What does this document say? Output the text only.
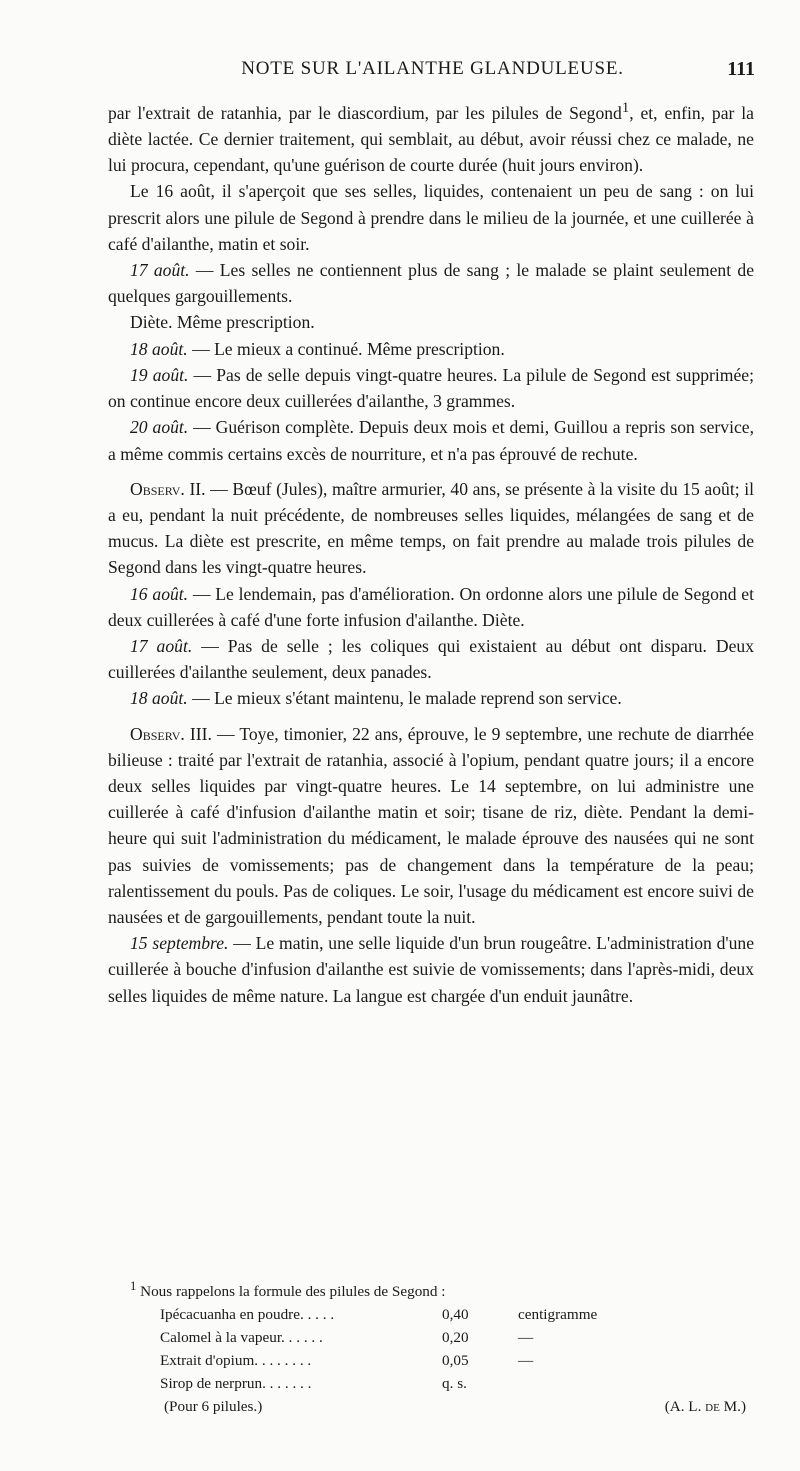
NOTE SUR L'AILANTHE GLANDULEUSE.	111

par l'extrait de ratanhia, par le diascordium, par les pilules de Segond$^1$, et, enfin, par la diète lactée. Ce dernier traitement, qui semblait, au début, avoir réussi chez ce malade, ne lui procura, cependant, qu'une guérison de courte durée (huit jours environ).

Le 16 août, il s'aperçoit que ses selles, liquides, contenaient un peu de sang : on lui prescrit alors une pilule de Segond à prendre dans le milieu de la journée, et une cuillerée à café d'ailanthe, matin et soir.

17 août. — Les selles ne contiennent plus de sang ; le malade se plaint seulement de quelques gargouillements.

Diète. Même prescription.

18 août. — Le mieux a continué. Même prescription.

19 août. — Pas de selle depuis vingt-quatre heures. La pilule de Segond est supprimée; on continue encore deux cuillerées d'ailanthe, 3 grammes.

20 août. — Guérison complète. Depuis deux mois et demi, Guillou a repris son service, a même commis certains excès de nourriture, et n'a pas éprouvé de rechute.

Observ. II. — Bœuf (Jules), maître armurier, 40 ans, se présente à la visite du 15 août; il a eu, pendant la nuit précédente, de nombreuses selles liquides, mélangées de sang et de mucus. La diète est prescrite, en même temps, on fait prendre au malade trois pilules de Segond dans les vingt-quatre heures.

16 août. — Le lendemain, pas d'amélioration. On ordonne alors une pilule de Segond et deux cuillerées à café d'une forte infusion d'ailanthe. Diète.

17 août. — Pas de selle ; les coliques qui existaient au début ont disparu. Deux cuillerées d'ailanthe seulement, deux panades.

18 août. — Le mieux s'étant maintenu, le malade reprend son service.

Observ. III. — Toye, timonier, 22 ans, éprouve, le 9 septembre, une rechute de diarrhée bilieuse : traité par l'extrait de ratanhia, associé à l'opium, pendant quatre jours; il a encore deux selles liquides par vingt-quatre heures. Le 14 septembre, on lui administre une cuillerée à café d'infusion d'ailanthe matin et soir; tisane de riz, diète. Pendant la demi-heure qui suit l'administration du médicament, le malade éprouve des nausées qui ne sont pas suivies de vomissements; pas de changement dans la température de la peau; ralentissement du pouls. Pas de coliques. Le soir, l'usage du médicament est encore suivi de nausées et de gargouillements, pendant toute la nuit.

15 septembre. — Le matin, une selle liquide d'un brun rougeâtre. L'administration d'une cuillerée à bouche d'infusion d'ailanthe est suivie de vomissements; dans l'après-midi, deux selles liquides de même nature. La langue est chargée d'un enduit jaunâtre.

$^1$ Nous rappelons la formule des pilules de Segond :

Ipécacuanha en poudre. . . . .	0,40	centigramme
Calomel à la vapeur. . . . . .	0,20	—
Extrait d'opium. . . . . . . .	0,05	—
Sirop de nerprun. . . . . . .	q. s.	
(Pour 6 pilules.)	(A. L. de M.)
